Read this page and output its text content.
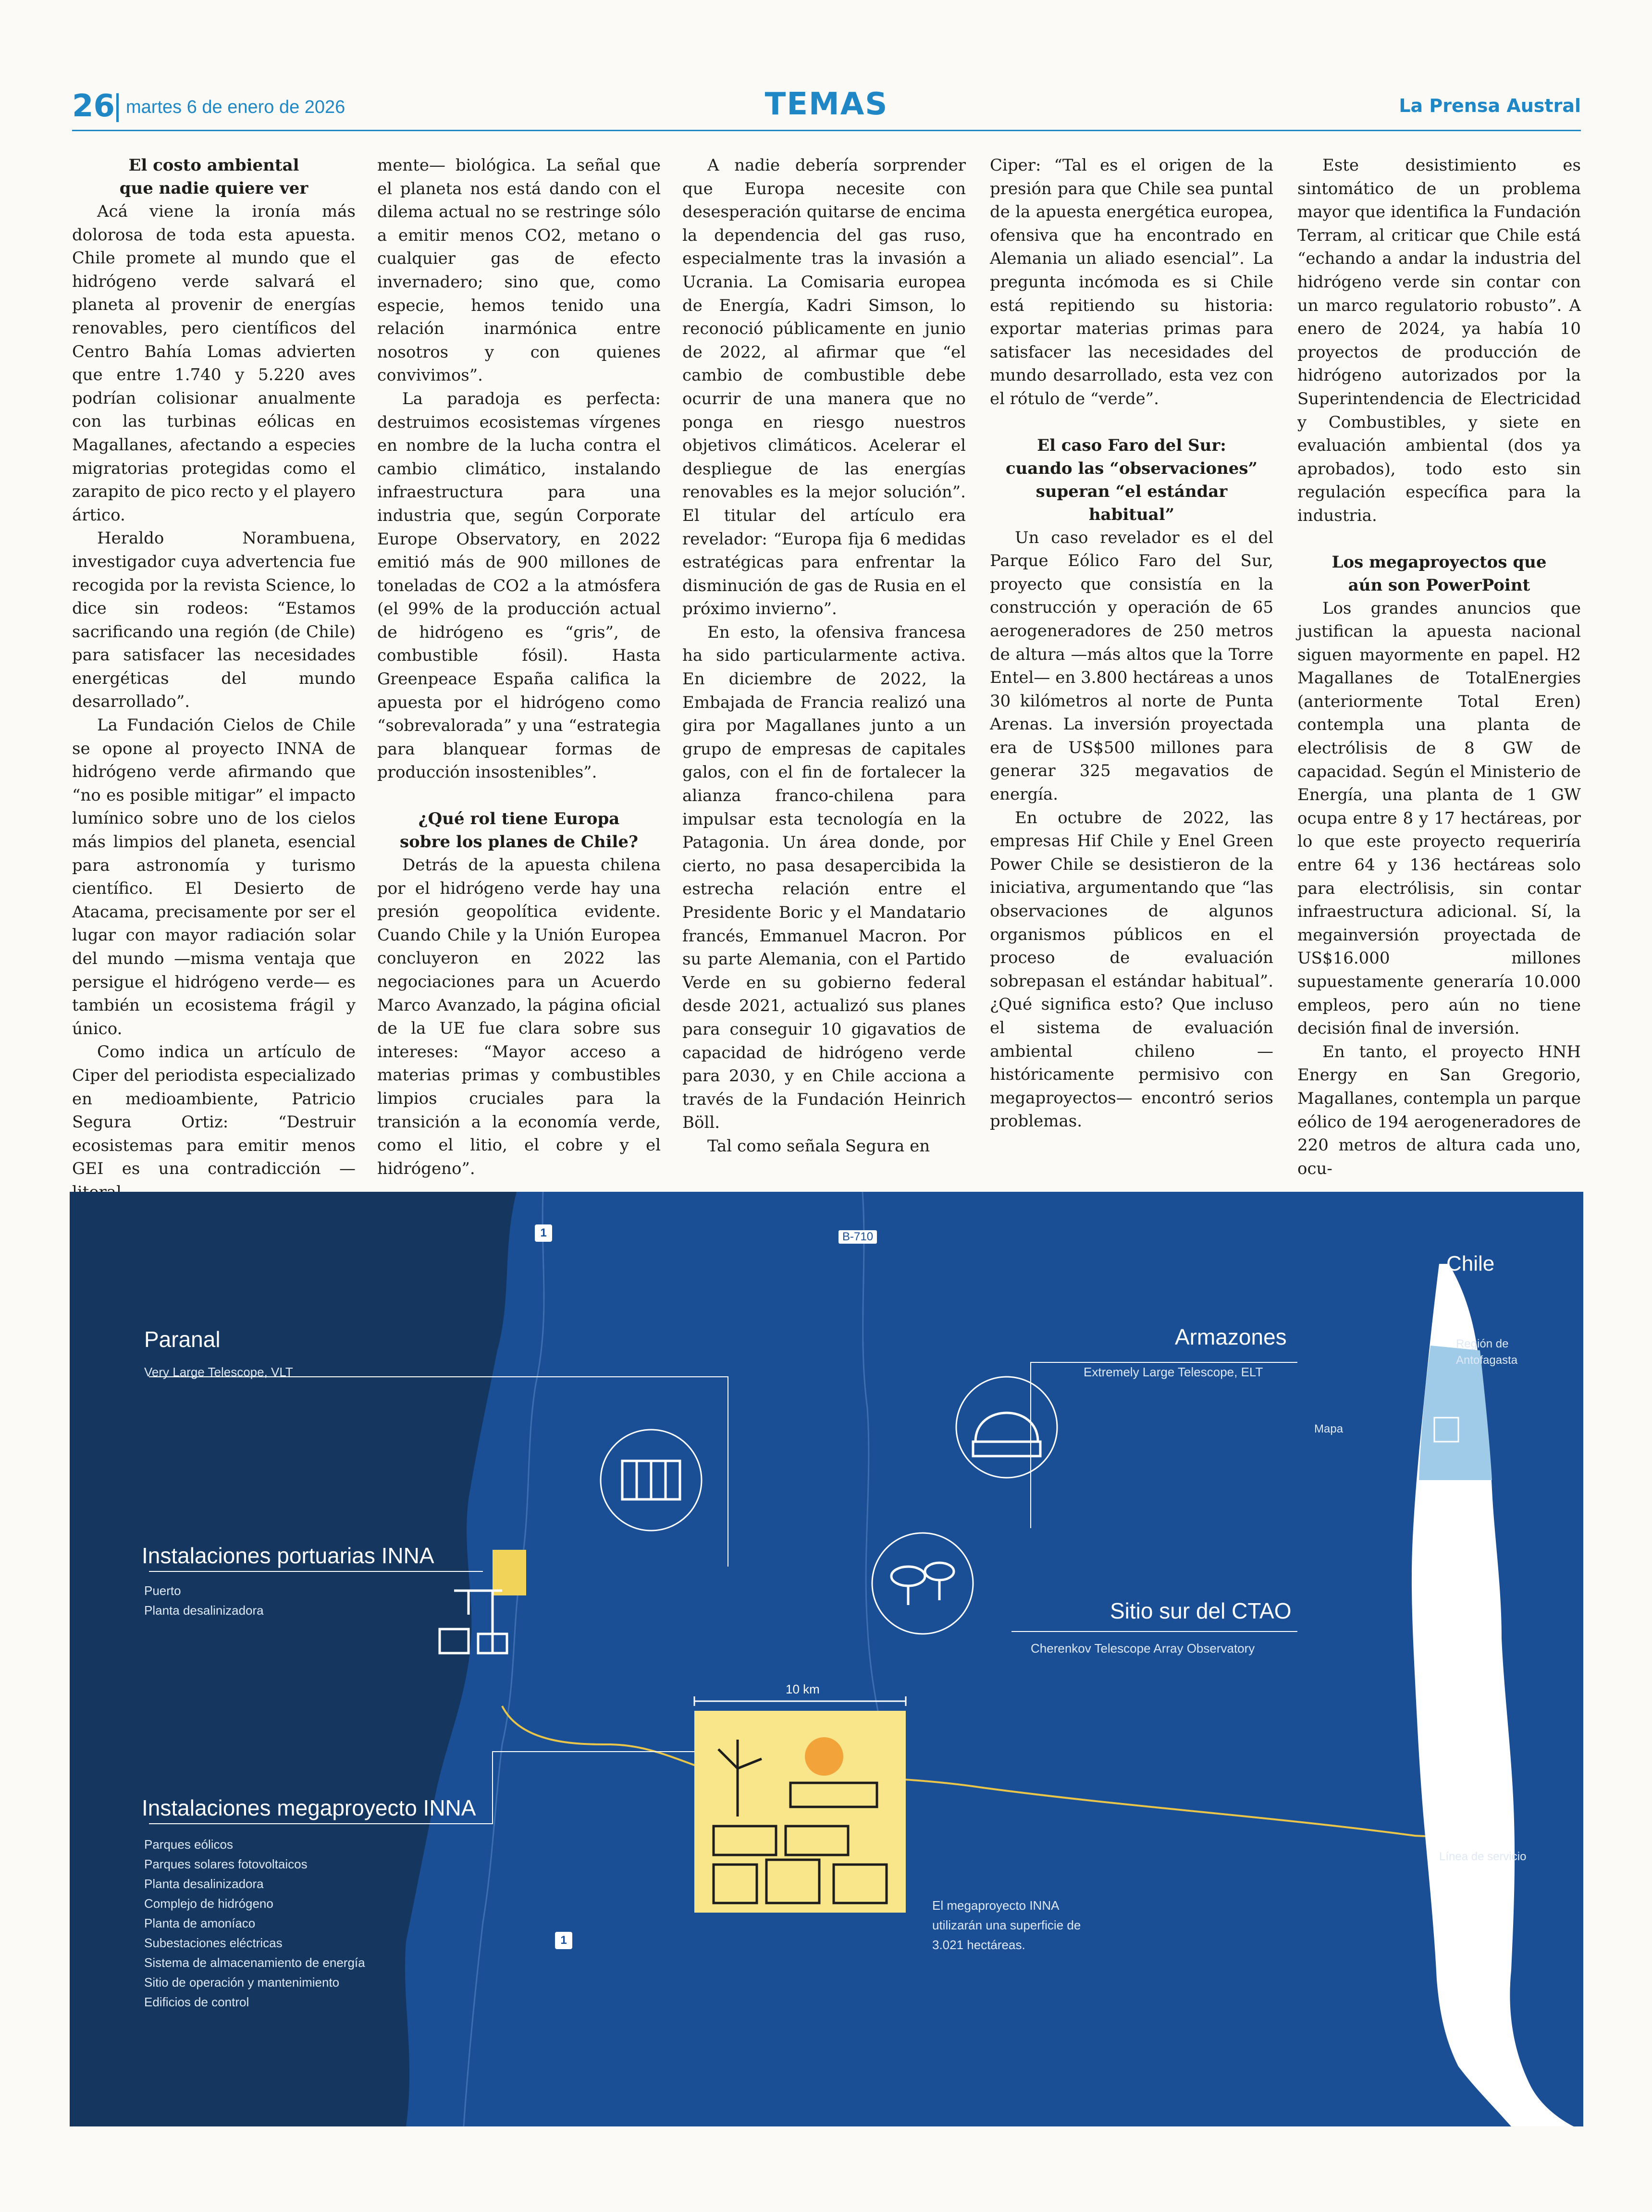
26 martes 6 de enero de 2026	TEMAS	La Prensa Austral
El costo ambiental
que nadie quiere ver

Acá viene la ironía más dolorosa de toda esta apuesta. Chile promete al mundo que el hidrógeno verde salvará el planeta al provenir de energías renovables, pero científicos del Centro Bahía Lomas advierten que entre 1.740 y 5.220 aves podrían colisionar anualmente con las turbinas eólicas en Magallanes, afectando a especies migratorias protegidas como el zarapito de pico recto y el playero ártico.

Heraldo Norambuena, investigador cuya advertencia fue recogida por la revista Science, lo dice sin rodeos: “Estamos sacrificando una región (de Chile) para satisfacer las necesidades energéticas del mundo desarrollado”.

La Fundación Cielos de Chile se opone al proyecto INNA de hidrógeno verde afirmando que “no es posible mitigar” el impacto lumínico sobre uno de los cielos más limpios del planeta, esencial para astronomía y turismo científico. El Desierto de Atacama, precisamente por ser el lugar con mayor radiación solar del mundo —misma ventaja que persigue el hidrógeno verde— es también un ecosistema frágil y único.

Como indica un artículo de Ciper del periodista especializado en medioambiente, Patricio Segura Ortiz: “Destruir ecosistemas para emitir menos GEI es una contradicción —

mente— biológica. La señal que el planeta nos está dando con el dilema actual no se restringe sólo a emitir menos CO2, metano o cualquier gas de efecto invernadero; sino que, como especie, hemos tenido una relación inarmónica entre nosotros y con quienes convivimos”.

La paradoja es perfecta: destruimos ecosistemas vírgenes en nombre de la lucha contra el cambio climático, instalando infraestructura para una industria que, según Corporate Europe Observatory, en 2022 emitió más de 900 millones de toneladas de CO2 a la atmósfera (el 99% de la producción actual de hidrógeno es “gris”, de combustible fósil). Hasta Greenpeace España califica la apuesta por el hidrógeno como “sobrevalorada” y una “estrategia para blanquear formas de producción insostenibles”.

¿Qué rol tiene Europa
sobre los planes de Chile?

Detrás de la apuesta chilena por el hidrógeno verde hay una presión geopolítica evidente. Cuando Chile y la Unión Europea concluyeron en 2022 las negociaciones para un Acuerdo Marco Avanzado, la página oficial de la UE fue clara sobre sus intereses: “Mayor acceso a materias primas y combustibles limpios cruciales para la transición a la economía verde, como el litio, el cobre y el hidrógeno”.

A nadie debería sorprender que Europa necesite con desesperación quitarse de encima la dependencia del gas ruso, especialmente tras la invasión a Ucrania. La Comisaria europea de Energía, Kadri Simson, lo reconoció públicamente en junio de 2022, al afirmar que “el cambio de combustible debe ocurrir de una manera que no ponga en riesgo nuestros objetivos climáticos. Acelerar el despliegue de las energías renovables es la mejor solución”. El titular del artículo era revelador: “Europa fija 6 medidas estratégicas para enfrentar la disminución de gas de Rusia en el próximo invierno”.

En esto, la ofensiva francesa ha sido particularmente activa. En diciembre de 2022, la Embajada de Francia realizó una gira por Magallanes junto a un grupo de empresas de capitales galos, con el fin de fortalecer la alianza franco-chilena para impulsar esta tecnología en la Patagonia. Un área donde, por cierto, no pasa desapercibida la estrecha relación entre el Presidente Boric y el Mandatario francés, Emmanuel Macron. Por su parte Alemania, con el Partido Verde en su gobierno federal desde 2021, actualizó sus planes para conseguir 10 gigavatios de capacidad de hidrógeno verde para 2030, y en Chile acciona a través de la Fundación Heinrich Böll.

Tal como señala Segura en

Ciper: “Tal es el origen de la presión para que Chile sea puntal de la apuesta energética europea, ofensiva que ha encontrado en Alemania un aliado esencial”. La pregunta incómoda es si Chile está repitiendo su historia: exportar materias primas para satisfacer las necesidades del mundo desarrollado, esta vez con el rótulo de “verde”.

El caso Faro del Sur:
cuando las “observaciones”
superan “el estándar
habitual”

Un caso revelador es el del Parque Eólico Faro del Sur, proyecto que consistía en la construcción y operación de 65 aerogeneradores de 250 metros de altura —más altos que la Torre Entel— en 3.800 hectáreas a unos 30 kilómetros al norte de Punta Arenas. La inversión proyectada era de US$500 millones para generar 325 megavatios de energía.

En octubre de 2022, las empresas Hif Chile y Enel Green Power Chile se desistieron de la iniciativa, argumentando que “las observaciones de algunos organismos públicos en el proceso de evaluación sobrepasan el estándar habitual”. ¿Qué significa esto? Que incluso el sistema de evaluación ambiental chileno —históricamente permisivo con megaproyectos— encontró serios problemas.

Este desistimiento es sintomático de un problema mayor que identifica la Fundación Terram, al criticar que Chile está “echando a andar la industria del hidrógeno verde sin contar con un marco regulatorio robusto”. A enero de 2024, ya había 10 proyectos de producción de hidrógeno autorizados por la Superintendencia de Electricidad y Combustibles, y siete en evaluación ambiental (dos ya aprobados), todo esto sin regulación específica para la industria.

Los megaproyectos que
aún son PowerPoint

Los grandes anuncios que justifican la apuesta nacional siguen mayormente en papel. H2 Magallanes de TotalEnergies (anteriormente Total Eren) contempla una planta de electrólisis de 8 GW de capacidad. Según el Ministerio de Energía, una planta de 1 GW ocupa entre 8 y 17 hectáreas, por lo que este proyecto requeriría entre 64 y 136 hectáreas solo para electrólisis, sin contar infraestructura adicional. Sí, la megainversión proyectada de US$16.000 millones supuestamente generaría 10.000 empleos, pero aún no tiene decisión final de inversión.

En tanto, el proyecto HNH Energy en San Gregorio, Magallanes, contempla un parque eólico de 194 aerogeneradores de 220 metros de altura cada uno, ocu-

1	B-710
1
Paranal
Very Large Telescope, VLT
Armazones
Extremely Large Telescope, ELT
Instalaciones portuarias INNA
Puerto
Planta desalinizadora	Sitio sur del CTAO
Cherenkov Telescope Array Observatory
10 km
Instalaciones megaproyecto INNA
Parques eólicos
Parques solares fotovoltaicos
Planta desalinizadora
Complejo de hidrógeno
Planta de amoníaco
Subestaciones eléctricas
Sistema de almacenamiento de energía
Sitio de operación y mantenimiento
Edificios de control
El megaproyecto INNA
utilizarán una superficie de
3.021 hectáreas.
Línea de servicio
Chile
Región de
Antofagasta
Mapa
